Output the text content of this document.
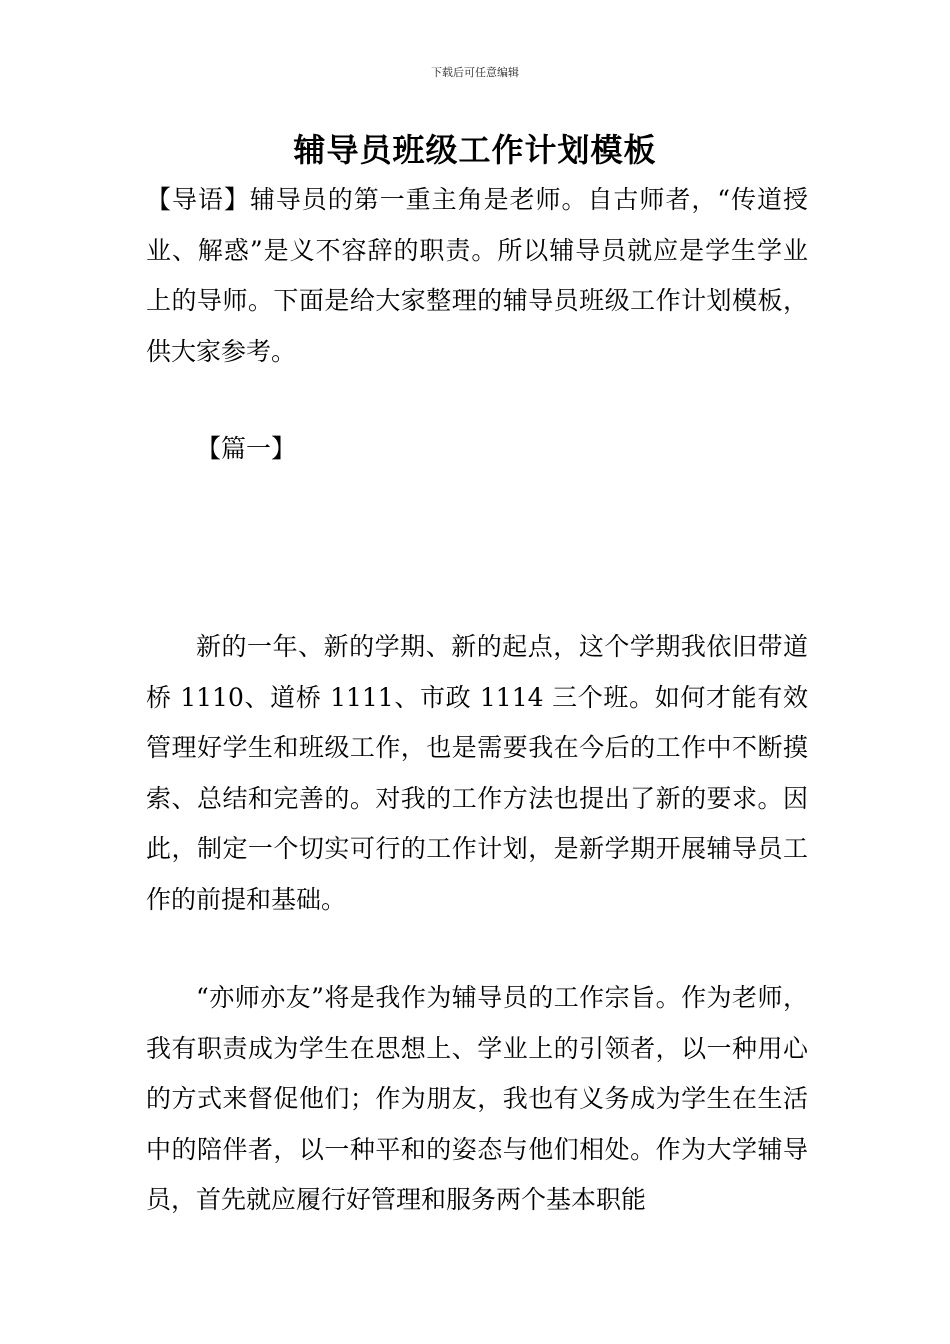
下载后可任意编辑
辅导员班级工作计划模板

【导语】辅导员的第一重主角是老师。自古师者，“传道授业、解惑”是义不容辞的职责。所以辅导员就应是学生学业上的导师。下面是给大家整理的辅导员班级工作计划模板，供大家参考。

【篇一】

新的一年、新的学期、新的起点，这个学期我依旧带道桥 1110、道桥 1111、市政 1114 三个班。如何才能有效管理好学生和班级工作，也是需要我在今后的工作中不断摸索、总结和完善的。对我的工作方法也提出了新的要求。因此，制定一个切实可行的工作计划，是新学期开展辅导员工作的前提和基础。

“亦师亦友”将是我作为辅导员的工作宗旨。作为老师，我有职责成为学生在思想上、学业上的引领者，以一种用心的方式来督促他们；作为朋友，我也有义务成为学生在生活中的陪伴者，以一种平和的姿态与他们相处。作为大学辅导员，首先就应履行好管理和服务两个基本职能
